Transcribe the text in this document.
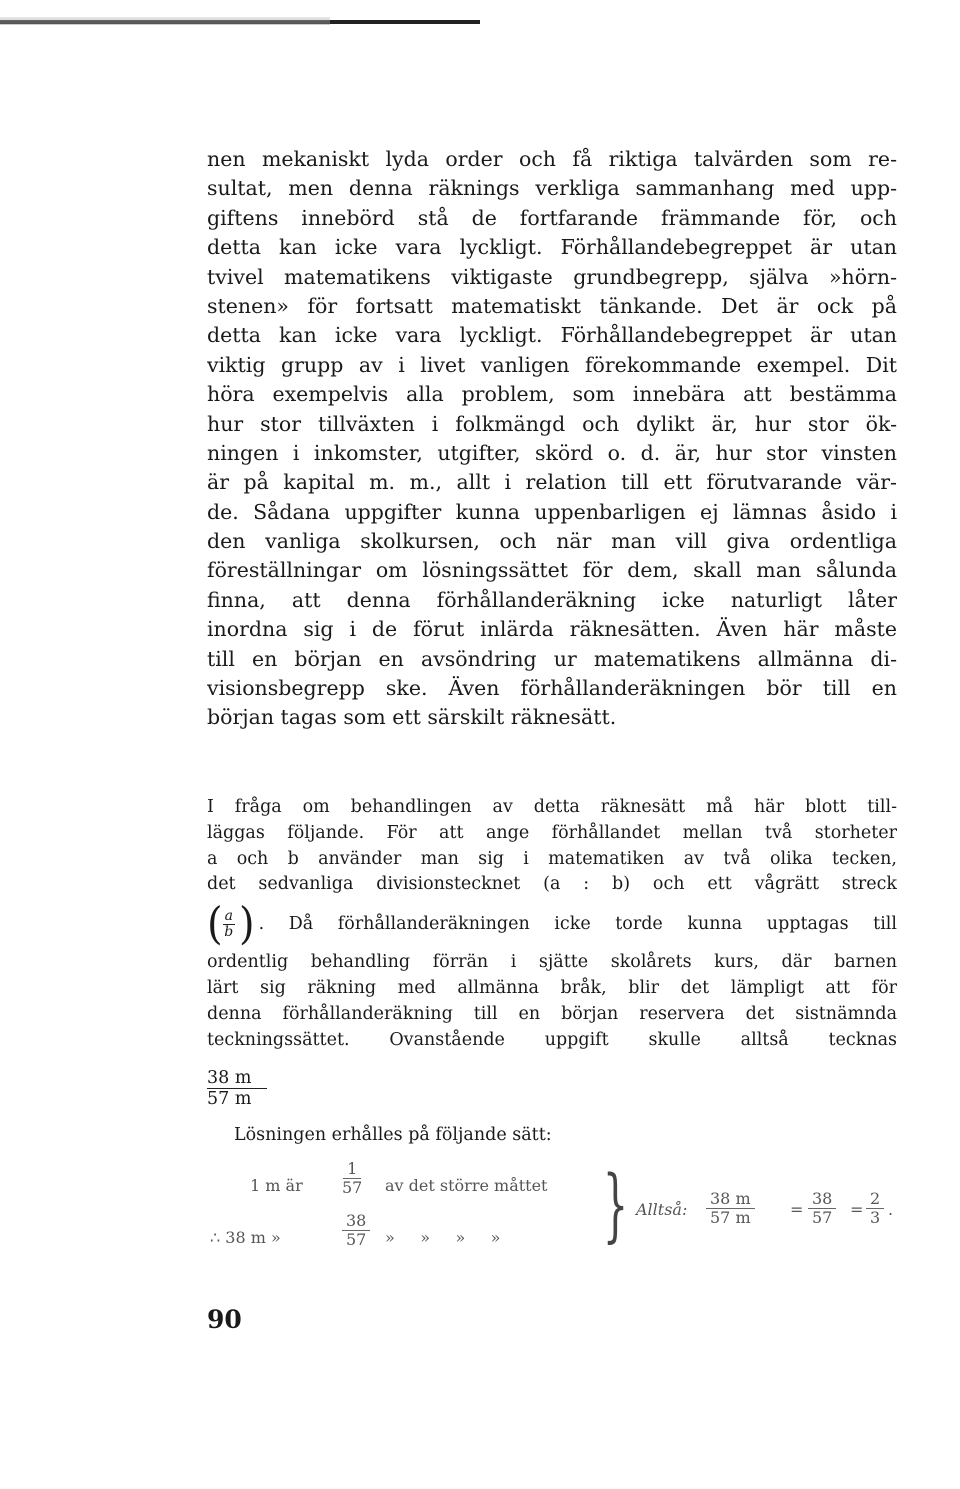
nen mekaniskt lyda order och få riktiga talvärden som re-

sultat, men denna räknings verkliga sammanhang med upp-

giftens innebörd stå de fortfarande främmande för, och

detta kan icke vara lyckligt. Förhållandebegreppet är utan

tvivel matematikens viktigaste grundbegrepp, själva »hörn-

stenen» för fortsatt matematiskt tänkande. Det är ock på

detta kan icke vara lyckligt. Förhållandebegreppet är utan

viktig grupp av i livet vanligen förekommande exempel. Dit

höra exempelvis alla problem, som innebära att bestämma

hur stor tillväxten i folkmängd och dylikt är, hur stor ök-

ningen i inkomster, utgifter, skörd o. d. är, hur stor vinsten

är på kapital m. m., allt i relation till ett förutvarande vär-

de. Sådana uppgifter kunna uppenbarligen ej lämnas åsido i

den vanliga skolkursen, och när man vill giva ordentliga

föreställningar om lösningssättet för dem, skall man sålunda

finna, att denna förhållanderäkning icke naturligt låter

inordna sig i de förut inlärda räknesätten. Även här måste

till en början en avsöndring ur matematikens allmänna di-

visionsbegrepp ske. Även förhållanderäkningen bör till en

början tagas som ett särskilt räknesätt.

I fråga om behandlingen av detta räknesätt må här blott till-

läggas följande. För att ange förhållandet mellan två storheter

a och b använder man sig i matematiken av två olika tecken,

det sedvanliga divisionstecknet (a : b) och ett vågrätt streck

( $\frac{a}{b}$ ) . Då förhållanderäkningen icke torde kunna upptagas till

ordentlig behandling förrän i sjätte skolårets kurs, där barnen

lärt sig räkning med allmänna bråk, blir det lämpligt att för

denna förhållanderäkning till en början reservera det sistnämnda

teckningssättet. Ovanstående uppgift skulle alltså tecknas

38 m
57 m
Lösningen erhålles på följande sätt:
1 m är $\frac{1}{57}$ av det större måttet
∴ 38 m »	$\frac{38}{57}$ »     »     »     » } Alltså: $\frac{38 m}{57 m} = \frac{38}{57} = \frac{2}{3}$ .
90
